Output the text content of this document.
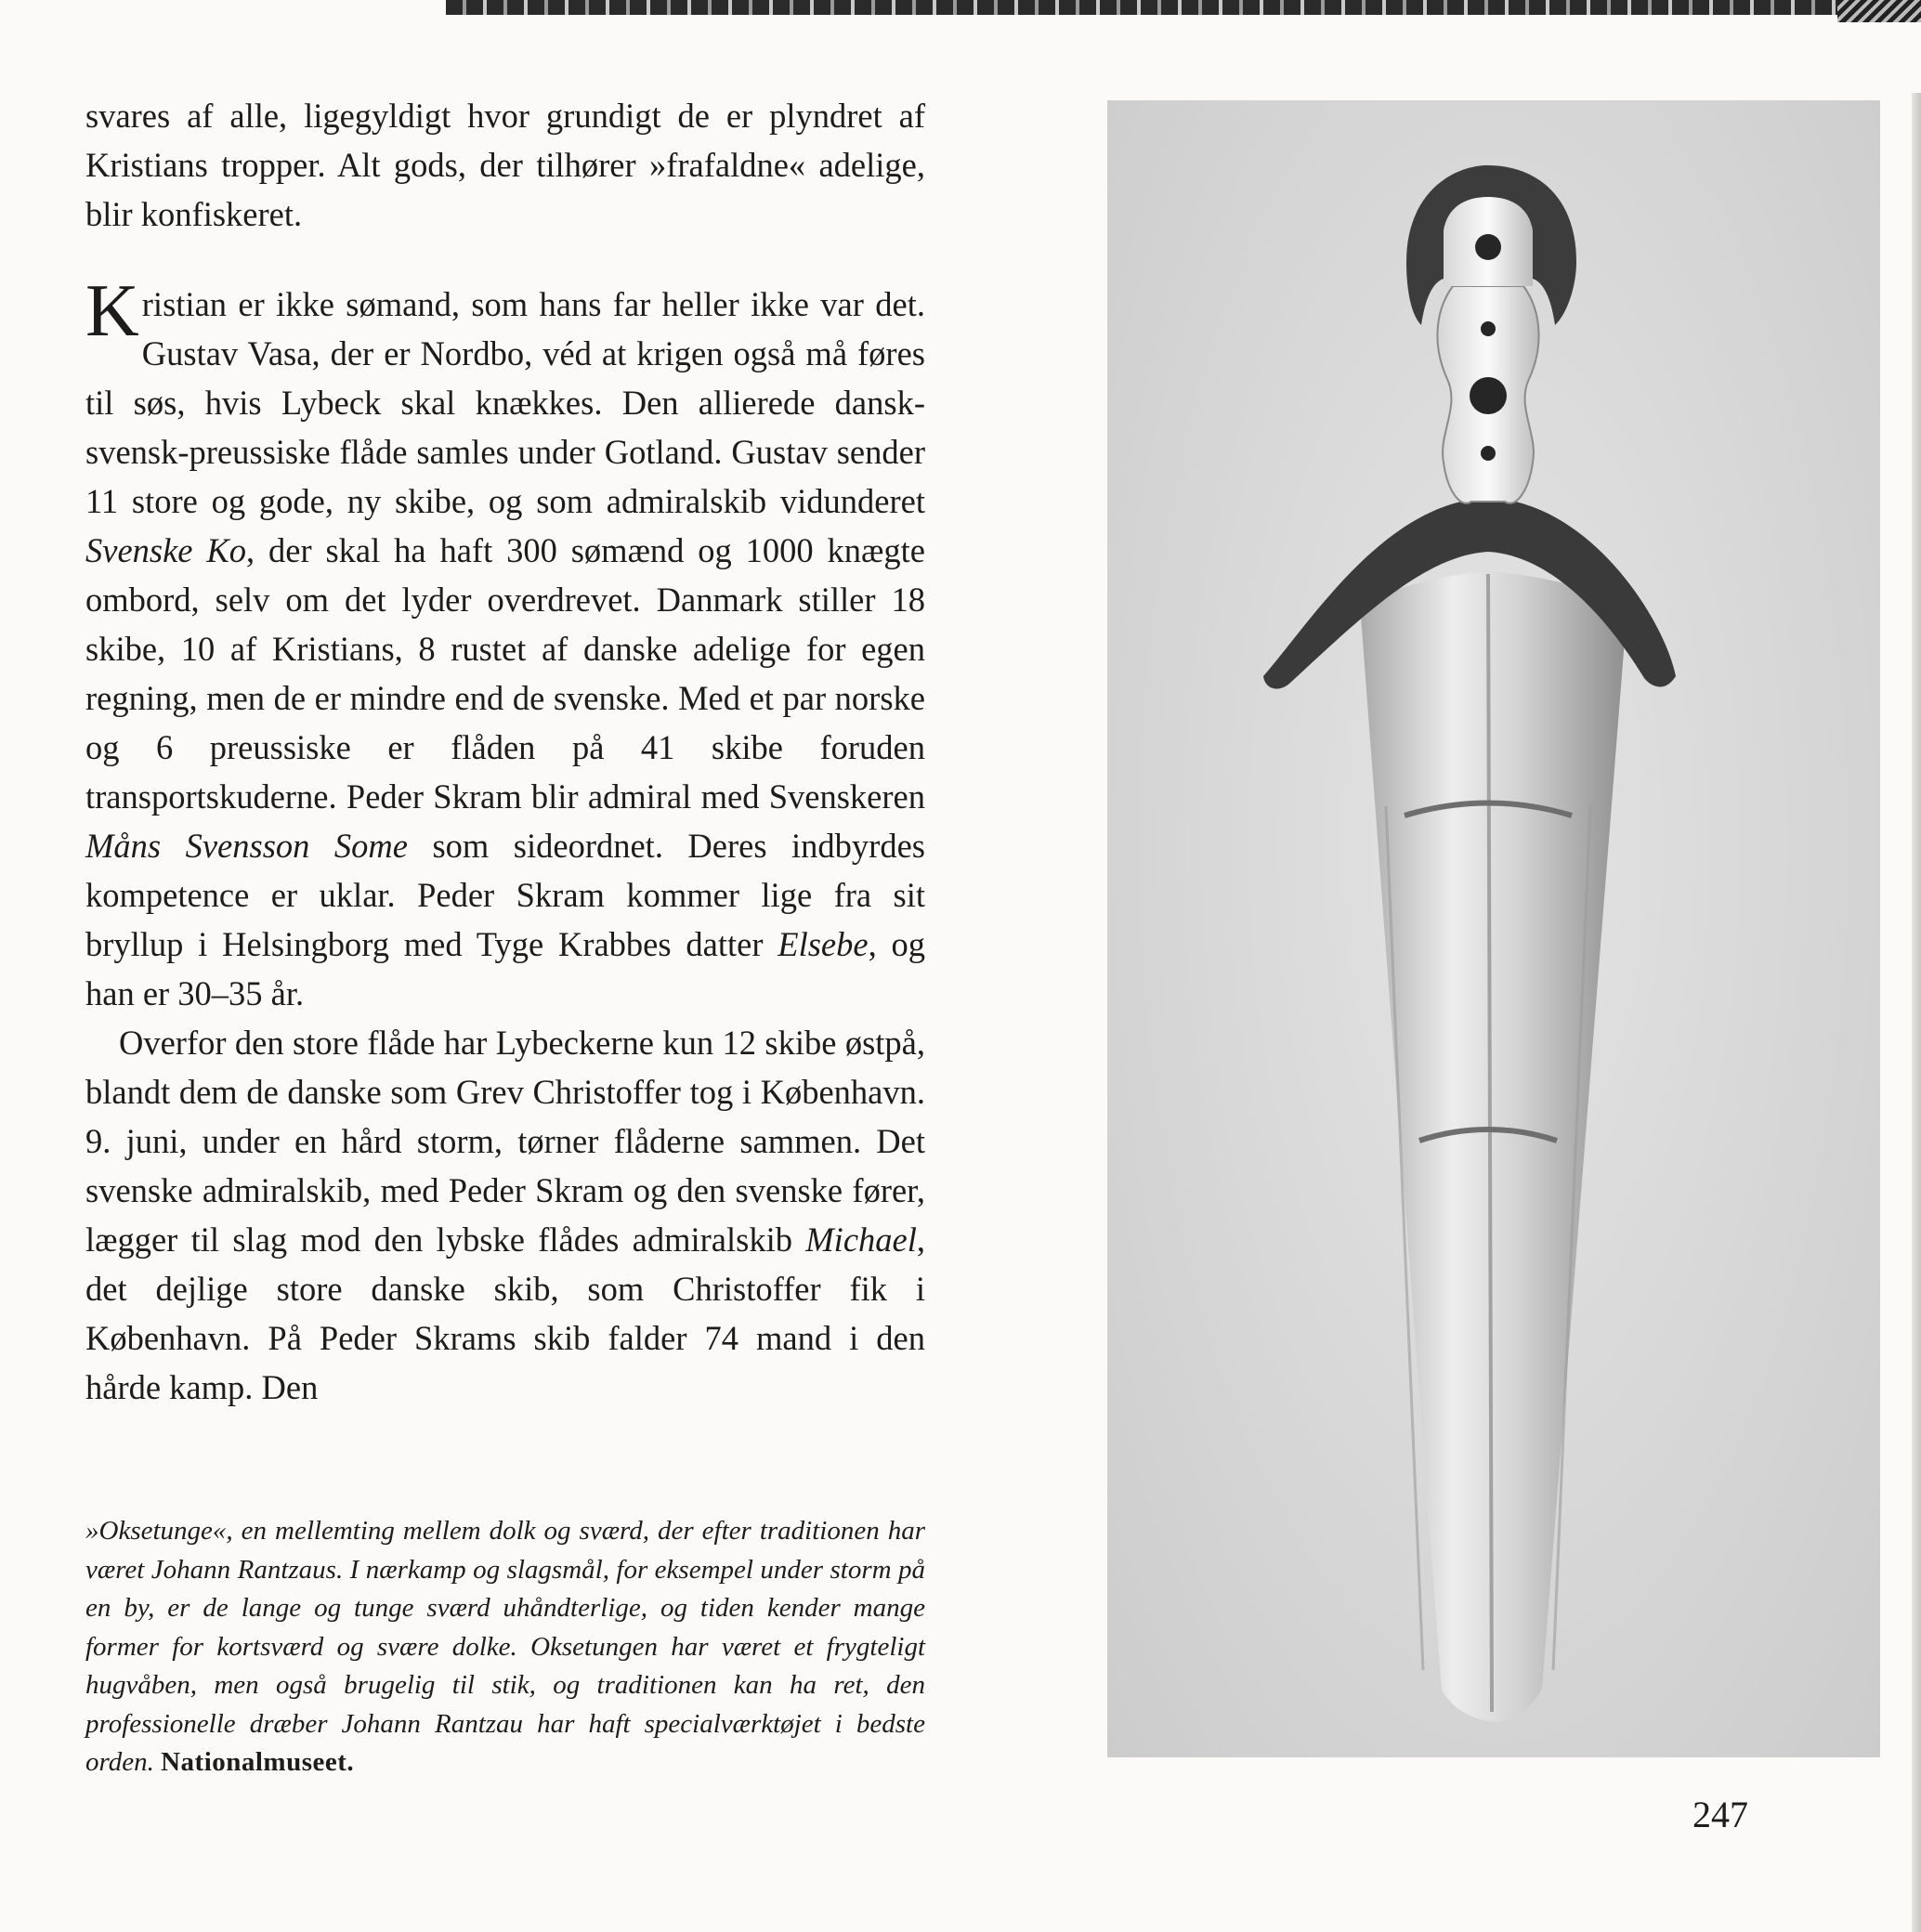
svares af alle, ligegyldigt hvor grundigt de er plyndret af Kristians tropper. Alt gods, der tilhører »frafaldne« adelige, blir konfiskeret.

Kristian er ikke sømand, som hans far heller ikke var det. Gustav Vasa, der er Nordbo, véd at krigen også må føres til søs, hvis Lybeck skal knækkes. Den allierede dansk-svensk-preussiske flåde samles under Gotland. Gustav sender 11 store og gode, ny skibe, og som admiralskib vidunderet Svenske Ko, der skal ha haft 300 sømænd og 1000 knægte ombord, selv om det lyder overdrevet. Danmark stiller 18 skibe, 10 af Kristians, 8 rustet af danske adelige for egen regning, men de er mindre end de svenske. Med et par norske og 6 preussiske er flåden på 41 skibe foruden transportskuderne. Peder Skram blir admiral med Svenskeren Måns Svensson Some som sideordnet. Deres indbyrdes kompetence er uklar. Peder Skram kommer lige fra sit bryllup i Helsingborg med Tyge Krabbes datter Elsebe, og han er 30–35 år.

Overfor den store flåde har Lybeckerne kun 12 skibe østpå, blandt dem de danske som Grev Christoffer tog i København. 9. juni, under en hård storm, tørner flåderne sammen. Det svenske admiralskib, med Peder Skram og den svenske fører, lægger til slag mod den lybske flådes admiralskib Michael, det dejlige store danske skib, som Christoffer fik i København. På Peder Skrams skib falder 74 mand i den hårde kamp. Den

»Oksetunge«, en mellemting mellem dolk og sværd, der efter traditionen har været Johann Rantzaus. I nærkamp og slagsmål, for eksempel under storm på en by, er de lange og tunge sværd uhåndterlige, og tiden kender mange former for kortsværd og svære dolke. Oksetungen har været et frygteligt hugvåben, men også brugelig til stik, og traditionen kan ha ret, den professionelle dræber Johann Rantzau har haft specialværktøjet i bedste orden. Nationalmuseet.
247
